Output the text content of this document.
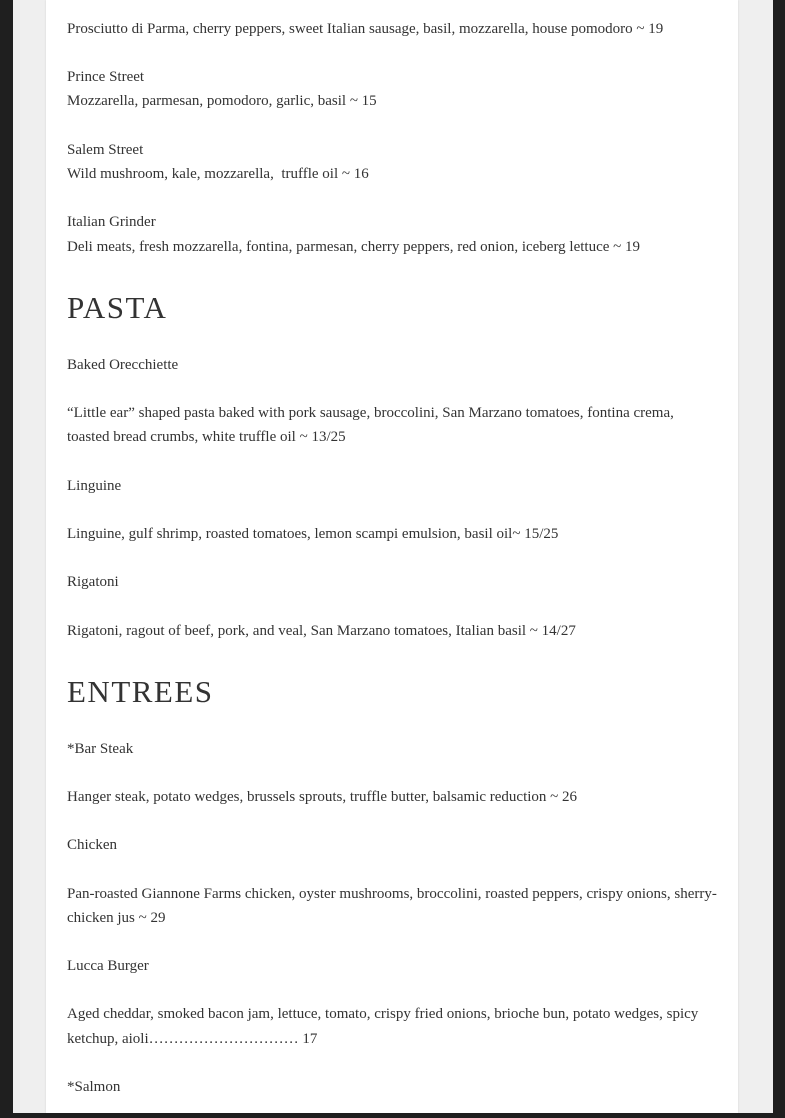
Prosciutto di Parma, cherry peppers, sweet Italian sausage, basil, mozzarella, house pomodoro ~ 19
Prince Street
Mozzarella, parmesan, pomodoro, garlic, basil ~ 15
Salem Street
Wild mushroom, kale, mozzarella,  truffle oil ~ 16
Italian Grinder
Deli meats, fresh mozzarella, fontina, parmesan, cherry peppers, red onion, iceberg lettuce ~ 19
PASTA
Baked Orecchiette
“Little ear” shaped pasta baked with pork sausage, broccolini, San Marzano tomatoes, fontina crema,
toasted bread crumbs, white truffle oil ~ 13/25
Linguine
Linguine, gulf shrimp, roasted tomatoes, lemon scampi emulsion, basil oil~ 15/25
Rigatoni
Rigatoni, ragout of beef, pork, and veal, San Marzano tomatoes, Italian basil ~ 14/27
ENTREES
*Bar Steak
Hanger steak, potato wedges, brussels sprouts, truffle butter, balsamic reduction ~ 26
Chicken
Pan-roasted Giannone Farms chicken, oyster mushrooms, broccolini, roasted peppers, crispy onions, sherry-
chicken jus ~ 29
Lucca Burger
Aged cheddar, smoked bacon jam, lettuce, tomato, crispy fried onions, brioche bun, potato wedges, spicy
ketchup, aioli………………………… 17
*Salmon
